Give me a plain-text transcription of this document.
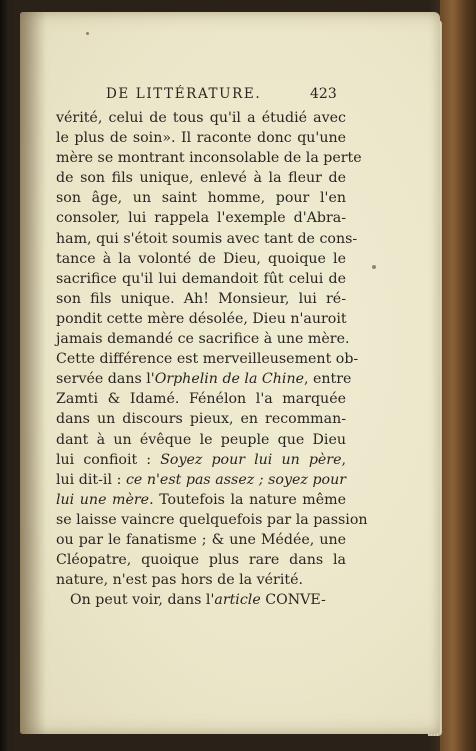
DE LITTÉRATURE.	423
vérité, celui de tous qu'il a étudié avec
le plus de soin». Il raconte donc qu'une
mère se montrant inconsolable de la perte
de son fils unique, enlevé à la fleur de
son âge, un saint homme, pour l'en
consoler, lui rappela l'exemple d'Abra-
ham, qui s'étoit soumis avec tant de cons-
tance à la volonté de Dieu, quoique le
sacrifice qu'il lui demandoit fût celui de
son fils unique. Ah! Monsieur, lui ré-
pondit cette mère désolée, Dieu n'auroit
jamais demandé ce sacrifice à une mère.
Cette différence est merveilleusement ob-
servée dans l'Orphelin de la Chine, entre
Zamti & Idamé. Fénélon l'a marquée
dans un discours pieux, en recomman-
dant à un évêque le peuple que Dieu
lui confioit : Soyez pour lui un père,
lui dit-il : ce n'est pas assez ; soyez pour
lui une mère. Toutefois la nature même
se laisse vaincre quelquefois par la passion
ou par le fanatisme ; & une Médée, une
Cléopatre, quoique plus rare dans la
nature, n'est pas hors de la vérité.
On peut voir, dans l'article CONVE-
